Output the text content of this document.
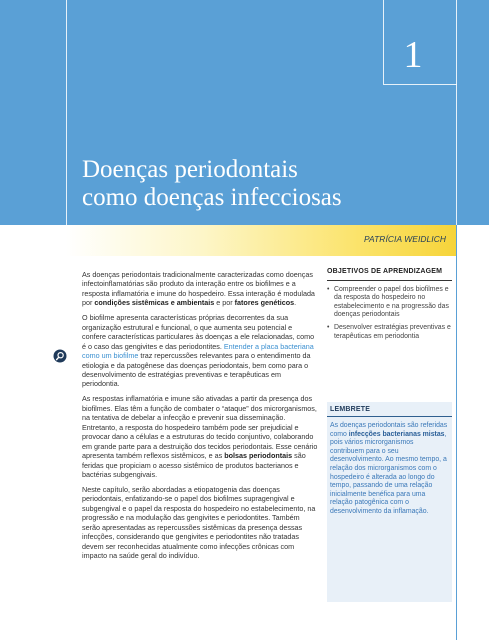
1
Doenças periodontais
como doenças infecciosas
PATRÍCIA WEIDLICH

As doenças periodontais tradicionalmente caracterizadas como doenças infectoinflamatórias são produto da interação entre os biofilmes e a resposta inflamatória e imune do hospedeiro. Essa interação é modulada por condições sistêmicas e ambientais e por fatores genéticos.

O biofilme apresenta características próprias decorrentes da sua organização estrutural e funcional, o que aumenta seu potencial e confere características particulares às doenças a ele relacionadas, como é o caso das gengivites e das periodontites. Entender a placa bacteriana como um biofilme traz repercussões relevantes para o entendimento da etiologia e da patogênese das doenças periodontais, bem como para o desenvolvimento de estratégias preventivas e terapêuticas em periodontia.

As respostas inflamatória e imune são ativadas a partir da presença dos biofilmes. Elas têm a função de combater o “ataque” dos microrganismos, na tentativa de debelar a infecção e prevenir sua disseminação. Entretanto, a resposta do hospedeiro também pode ser prejudicial e provocar dano a células e a estruturas do tecido conjuntivo, colaborando em grande parte para a destruição dos tecidos periodontais. Esse cenário apresenta também reflexos sistêmicos, e as bolsas periodontais são feridas que propiciam o acesso sistêmico de produtos bacterianos e bactérias subgengivais.

Neste capítulo, serão abordadas a etiopatogenia das doenças periodontais, enfatizando-se o papel dos biofilmes supragengival e subgengival e o papel da resposta do hospedeiro no estabelecimento, na progressão e na modulação das gengivites e periodontites. Também serão apresentadas as repercussões sistêmicas da presença dessas infecções, considerando que gengivites e periodontites não tratadas devem ser reconhecidas atualmente como infecções crônicas com impacto na saúde geral do indivíduo.

OBJETIVOS DE APRENDIZAGEM
• Compreender o papel dos biofilmes e da resposta do hospedeiro no estabelecimento e na progressão das doenças periodontais
• Desenvolver estratégias preventivas e terapêuticas em periodontia
LEMBRETE
As doenças periodontais são referidas como infecções bacterianas mistas, pois vários microrganismos contribuem para o seu desenvolvimento. Ao mesmo tempo, a relação dos microrganismos com o hospedeiro é alterada ao longo do tempo, passando de uma relação inicialmente benéfica para uma relação patogênica com o desenvolvimento da inflamação.
